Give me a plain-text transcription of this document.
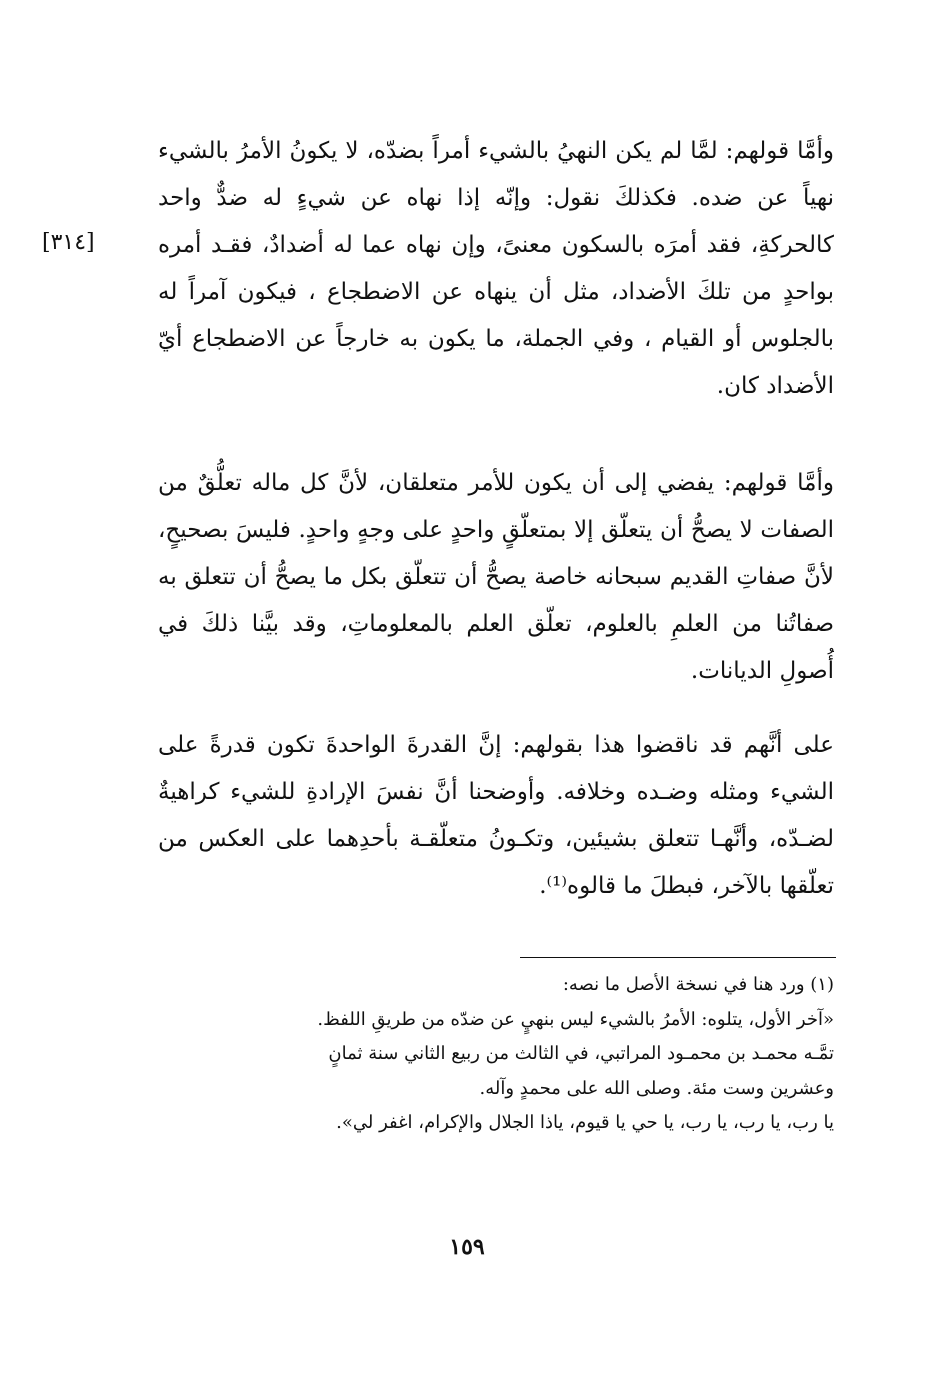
[٣١٤]

وأمَّا قولهم: لمَّا لم يكن النهيُ بالشيء أمراً بضدّه، لا يكونُ الأمرُ بالشيء نهياً عن ضده. فكذلكَ نقول: وإنّه إذا نهاه عن شيءٍ له ضدٌّ واحد كالحركةِ، فقد أمرَه بالسكون معنىً، وإن نهاه عما له أضدادٌ، فقـد أمره بواحدٍ من تلكَ الأضداد، مثل أن ينهاه عن الاضطجاع ، فيكون آمراً له بالجلوس أو القيام ، وفي الجملة، ما يكون به خارجاً عن الاضطجاع أيّ الأضداد كان.

وأمَّا قولهم: يفضي إلى أن يكون للأمر متعلقان، لأنَّ كل ماله تعلُّقٌ من الصفات لا يصحُّ أن يتعلّق إلا بمتعلّقٍ واحدٍ على وجهٍ واحدٍ. فليسَ بصحيحٍ، لأنَّ صفاتِ القديم سبحانه خاصة يصحُّ أن تتعلّق بكل ما يصحُّ أن تتعلق به صفاتُنا من العلمِ بالعلوم، تعلّق العلم بالمعلوماتِ، وقد بيَّنا ذلكَ في أُصولِ الديانات.

على أنَّهم قد ناقضوا هذا بقولهم: إنَّ القدرةَ الواحدةَ تكون قدرةً على الشيء ومثله وضـده وخلافه. وأوضحنا أنَّ نفسَ الإرادةِ للشيء كراهيةٌ لضـدّه، وأنَّهـا تتعلق بشيئين، وتكـونُ متعلّقـة بأحدِهما على العكس من تعلّقها بالآخر، فبطلَ ما قالوه⁽¹⁾.

(١) ورد هنا في نسخة الأصل ما نصه:

«آخر الأول، يتلوه: الأمرُ بالشيء ليس بنهيٍ عن ضدّه من طريقِ اللفظ.

تمَّـه محمـد بن محمـود المراتبي، في الثالث من ربيع الثاني سنة ثمانٍ

وعشرين وست مئة. وصلى الله على محمدٍ وآله.

يا رب، يا رب، يا رب، يا حي يا قيوم، ياذا الجلال والإكرام، اغفر لي».

١٥٩
